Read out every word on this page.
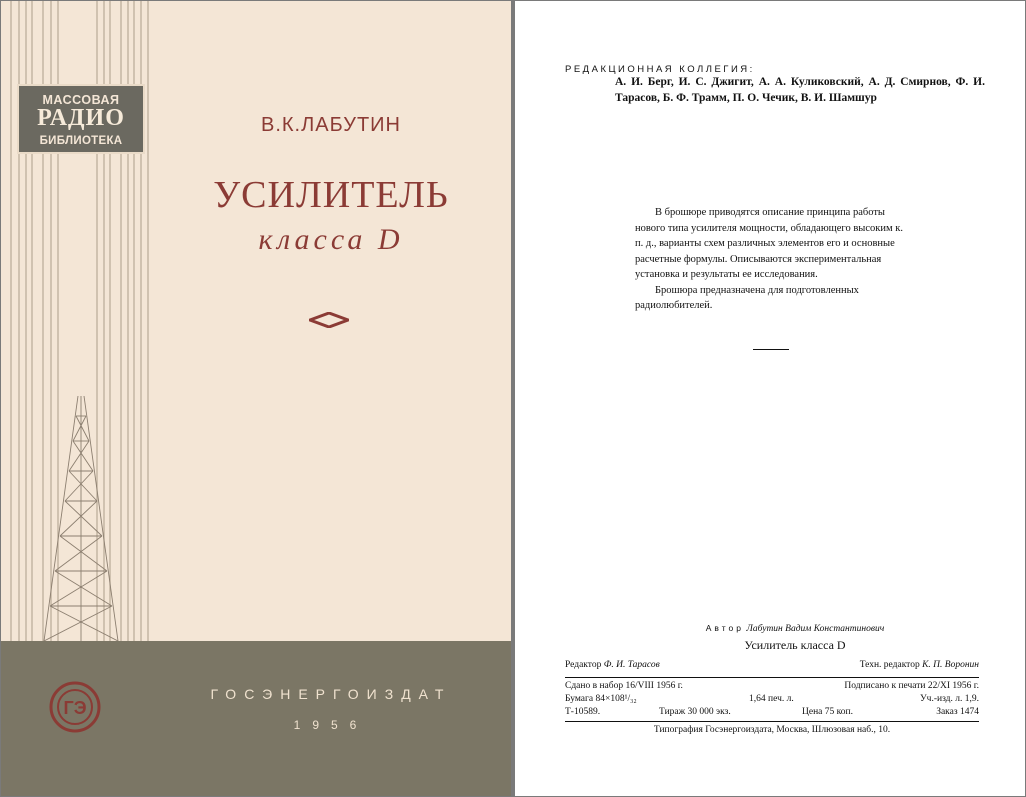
МАССОВАЯ
РАДИО
БИБЛИОТЕКА
В.К.ЛАБУТИН
УСИЛИТЕЛЬ
класса D
ГЭ
ГОСЭНЕРГОИЗДАТ
1956
РЕДАКЦИОННАЯ КОЛЛЕГИЯ:
А. И. Берг, И. С. Джигит, А. А. Куликовский, А. Д. Смирнов, Ф. И. Тарасов, Б. Ф. Трамм, П. О. Чечик, В. И. Шамшур

В брошюре приводятся описание принципа работы нового типа усилителя мощности, обладающего высоким к. п. д., варианты схем различных элементов его и основные расчетные формулы. Описываются экспериментальная установка и результаты ее исследования.

Брошюра предназначена для подготовленных радиолюбителей.

Автор Лабутин Вадим Константинович
Усилитель класса D
Редактор Ф. И. Тарасов	Техн. редактор К. П. Воронин
Сдано в набор 16/VIII 1956 г.	Подписано к печати 22/XI 1956 г.
Бумага 84×108¹/₃₂	1,64 печ. л.	Уч.-изд. л. 1,9.
Т-10589.	Тираж 30 000 экз.	Цена 75 коп.	Заказ 1474
Типография Госэнергоиздата, Москва, Шлюзовая наб., 10.
